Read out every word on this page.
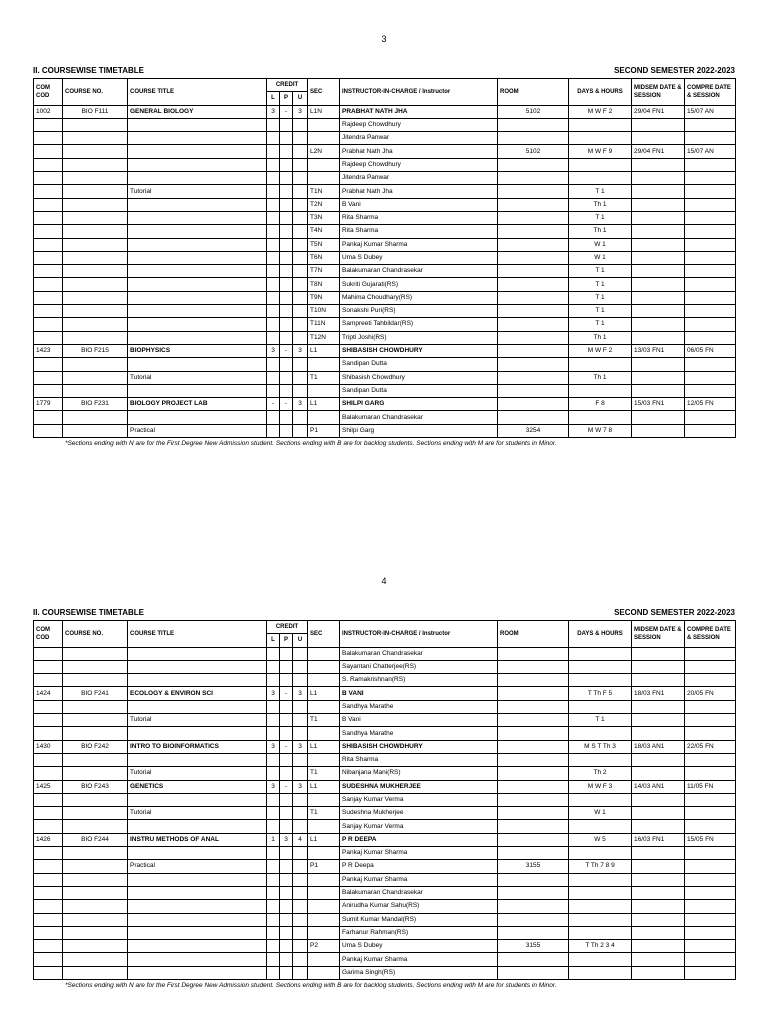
3
II. COURSEWISE TIMETABLE	SECOND SEMESTER 2022-2023
COM COD	COURSE NO.	COURSE TITLE	CREDIT			SEC	INSTRUCTOR-IN-CHARGE / Instructor	ROOM	DAYS & HOURS	MIDSEM DATE & SESSION	COMPRE DATE & SESSION
			L	P	U						
1002	BIO F111	GENERAL BIOLOGY	3	-	3	L1N	PRABHAT NATH JHA	5102	M W F 2	29/04 FN1	15/07 AN
							Rajdeep Chowdhury				
							Jitendra Panwar				
						L2N	Prabhat Nath Jha	5102	M W F 9	29/04 FN1	15/07 AN
							Rajdeep Chowdhury				
							Jitendra Panwar				
		Tutorial				T1N	Prabhat Nath Jha		T 1		
						T2N	B Vani		Th 1		
						T3N	Rita Sharma		T 1		
						T4N	Rita Sharma		Th 1		
						T5N	Pankaj Kumar Sharma		W 1		
						T6N	Uma S Dubey		W 1		
						T7N	Balakumaran Chandrasekar		T 1		
						T8N	Sukriti Gujarati(RS)		T 1		
						T9N	Mahima Choudhary(RS)		T 1		
						T10N	Sonakshi Puri(RS)		T 1		
						T11N	Sampreeti Tahbildar(RS)		T 1		
						T12N	Tripti Joshi(RS)		Th 1		
1423	BIO F215	BIOPHYSICS	3	-	3	L1	SHIBASISH CHOWDHURY		M W F 2	13/03 FN1	06/05 FN
							Sandipan Dutta				
		Tutorial				T1	Shibasish Chowdhury		Th 1		
							Sandipan Dutta				
1779	BIO F231	BIOLOGY PROJECT LAB	-	-	3	L1	SHILPI GARG		F 8	15/03 FN1	12/05 FN
							Balakumaran Chandrasekar				
		Practical				P1	Shilpi Garg	3254	M W 7 8		
*Sections ending with N are for the First Degree New Admission student. Sections ending with B are for backlog students. Sections ending with M are for students in Minor.
4
II. COURSEWISE TIMETABLE	SECOND SEMESTER 2022-2023
COM COD	COURSE NO.	COURSE TITLE	CREDIT			SEC	INSTRUCTOR-IN-CHARGE / Instructor	ROOM	DAYS & HOURS	MIDSEM DATE & SESSION	COMPRE DATE & SESSION
			L	P	U						
							Balakumaran Chandrasekar				
							Sayantani Chatterjee(RS)				
							S. Ramakrishnan(RS)				
1424	BIO F241	ECOLOGY & ENVIRON SCI	3	-	3	L1	B VANI		T Th F 5	18/03 FN1	20/05 FN
							Sandhya Marathe				
		Tutorial				T1	B Vani		T 1		
							Sandhya Marathe				
1430	BIO F242	INTRO TO BIOINFORMATICS	3	-	3	L1	SHIBASISH CHOWDHURY		M S T Th 3	18/03 AN1	22/05 FN
							Rita Sharma				
		Tutorial				T1	Nibanjana Mani(RS)		Th 2		
1425	BIO F243	GENETICS	3	-	3	L1	SUDESHNA MUKHERJEE		M W F 3	14/03 AN1	11/05 FN
							Sanjay Kumar Verma				
		Tutorial				T1	Sudeshna Mukherjee		W 1		
							Sanjay Kumar Verma				
1426	BIO F244	INSTRU METHODS OF ANAL	1	3	4	L1	P R DEEPA		W 5	16/03 FN1	15/05 FN
							Pankaj Kumar Sharma				
		Practical				P1	P R Deepa	3155	T Th 7 8 9		
							Pankaj Kumar Sharma				
							Balakumaran Chandrasekar				
							Anirudha Kumar Sahu(RS)				
							Sumit Kumar Mandal(RS)				
							Farhanur Rahman(RS)				
						P2	Uma S Dubey	3155	T Th 2 3 4		
							Pankaj Kumar Sharma				
							Garima Singh(RS)				
*Sections ending with N are for the First Degree New Admission student. Sections ending with B are for backlog students. Sections ending with M are for students in Minor.
